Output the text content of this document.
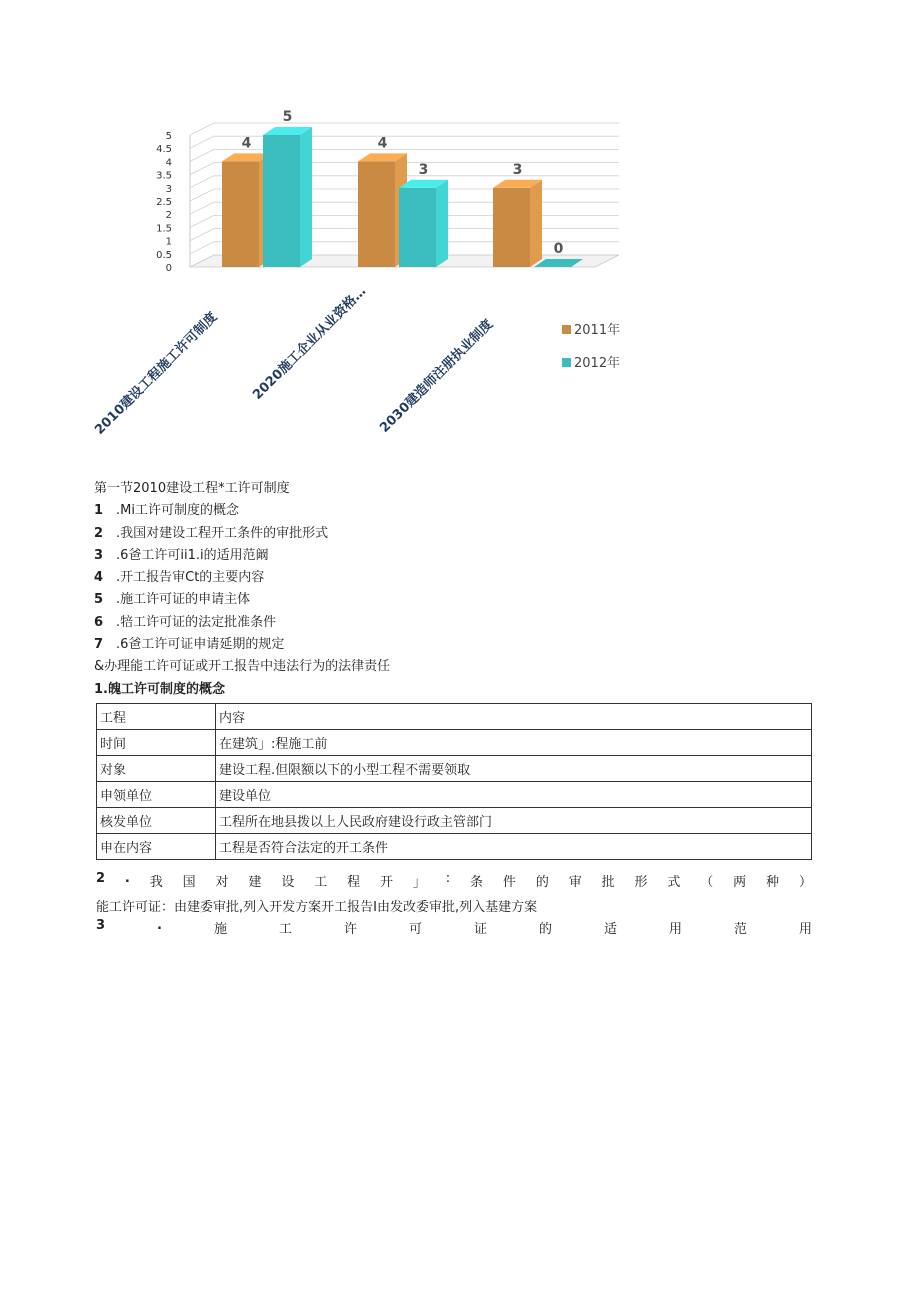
0
0.5
1
1.5
2
2.5
3
3.5
4
4.5
5	4
5
4
3	3
0
2010建设工程施工许可制度 2020施工企业从业资格… 2030建造师注册执业制度	2011年
2012年
第一节2010建设工程*工许可制度
1 .Mi工许可制度的概念
2 .我国对建设工程开工条件的审批形式
3 .6爸工许可ii1.i的适用范阚
4 .开工报告审Ct的主要内容
5 .施工许可证的申请主体
6 .犃工许可证的法定批准条件
7 .6爸工许可证申请延期的规定
&办理能工许可证或开工报告中违法行为的法律责任
1.魄工许可制度的概念
工程	内容
时间	在建筑」:程施工前
对象	建设工程.但限额以下的小型工程不需要领取
申领单位	建设单位
核发单位	工程所在地县拨以上人民政府建设行政主管部门
申在内容	工程是否符合法定的开工条件
2 . 我 国 对 建 设 工 程 开 」 : 条 件 的 审 批 形 式 （ 两 种 ）
能工许可证：由建委审批,列入开发方案开工报告I由发改委审批,列入基建方案
3	.	施	工	许	可	证	的	适	用	范	用
